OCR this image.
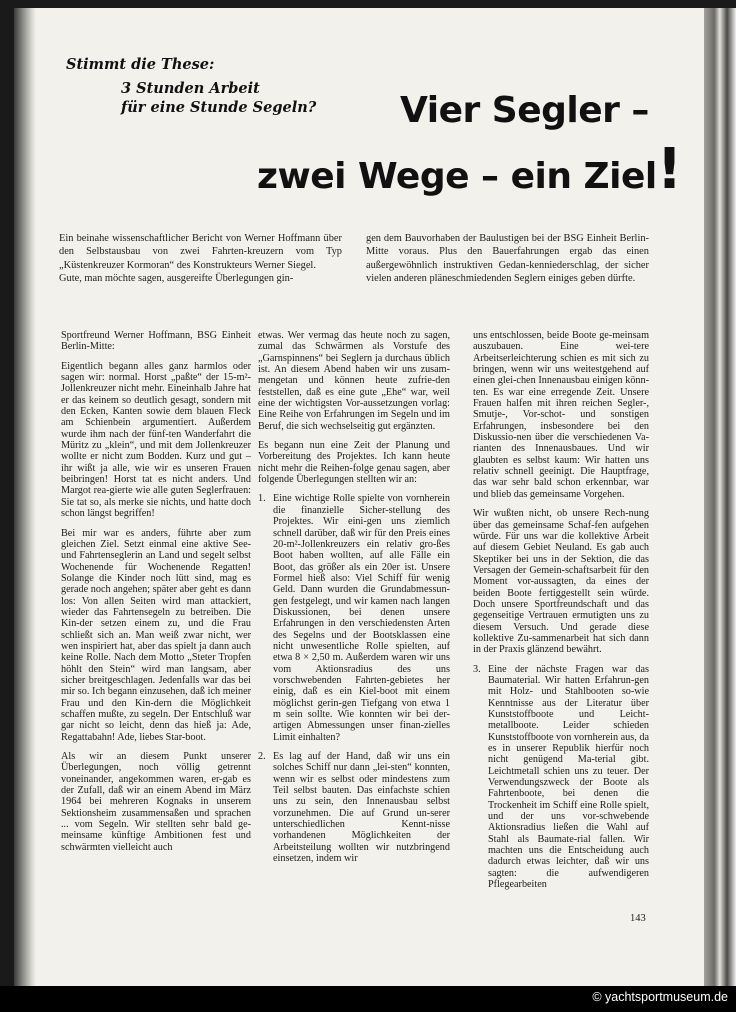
Stimmt die These:
3 Stunden Arbeit
für eine Stunde Segeln? Vier Segler –
zwei Wege – ein Ziel!
Ein beinahe wissenschaftlicher Bericht von Werner Hoffmann über den Selbstausbau von zwei Fahrten-kreuzern vom Typ „Küstenkreuzer Kormoran“ des Konstrukteurs Werner Siegel.
Gute, man möchte sagen, ausgereifte Überlegungen gin-
gen dem Bauvorhaben der Baulustigen bei der BSG Einheit Berlin-Mitte voraus. Plus den Bauerfahrungen ergab das einen außergewöhnlich instruktiven Gedan-kenniederschlag, der sicher vielen anderen pläneschmiedenden Seglern einiges geben dürfte.

Sportfreund Werner Hoffmann, BSG Einheit Berlin-Mitte:

Eigentlich begann alles ganz harmlos oder sagen wir: normal. Horst „paßte“ der 15-m²-Jollenkreuzer nicht mehr. Eineinhalb Jahre hat er das keinem so deutlich gesagt, sondern mit den Ecken, Kanten sowie dem blauen Fleck am Schienbein argumentiert. Außerdem wurde ihm nach der fünf-ten Wanderfahrt die Müritz zu „klein“, und mit dem Jollenkreuzer wollte er nicht zum Bodden. Kurz und gut – ihr wißt ja alle, wie wir es unseren Frauen beibringen! Horst tat es nicht anders. Und Margot rea-gierte wie alle guten Seglerfrauen: Sie tat so, als merke sie nichts, und hatte doch schon längst begriffen!

Bei mir war es anders, führte aber zum gleichen Ziel. Setzt einmal eine aktive See- und Fahrtenseglerin an Land und segelt selbst Wochenende für Wochenende Regatten! Solange die Kinder noch lütt sind, mag es gerade noch angehen; später aber geht es dann los: Von allen Seiten wird man attackiert, wieder das Fahrtensegeln zu betreiben. Die Kin-der setzen einem zu, und die Frau schließt sich an. Man weiß zwar nicht, wer wen inspiriert hat, aber das spielt ja dann auch keine Rolle. Nach dem Motto „Steter Tropfen höhlt den Stein“ wird man langsam, aber sicher breitgeschlagen. Jedenfalls war das bei mir so. Ich begann einzusehen, daß ich meiner Frau und den Kin-dern die Möglichkeit schaffen mußte, zu segeln. Der Entschluß war gar nicht so leicht, denn das hieß ja: Ade, Regattabahn! Ade, liebes Star-boot.

Als wir an diesem Punkt unserer Überlegungen, noch völlig getrennt voneinander, angekommen waren, er-gab es der Zufall, daß wir an einem Abend im März 1964 bei mehreren Kognaks in unserem Sektionsheim zusammensaßen und sprachen ... vom Segeln. Wir stellten sehr bald ge-meinsame künftige Ambitionen fest und schwärmten vielleicht auch

etwas. Wer vermag das heute noch zu sagen, zumal das Schwärmen als Vorstufe des „Garnspinnens“ bei Seglern ja durchaus üblich ist. An diesem Abend haben wir uns zusam-mengetan und können heute zufrie-den feststellen, daß es eine gute „Ehe“ war, weil eine der wichtigsten Vor-aussetzungen vorlag: Eine Reihe von Erfahrungen im Segeln und im Beruf, die sich wechselseitig gut ergänzten.

Es begann nun eine Zeit der Planung und Vorbereitung des Projektes. Ich kann heute nicht mehr die Reihen-folge genau sagen, aber folgende Überlegungen stellten wir an:

1. Eine wichtige Rolle spielte von vornherein die finanzielle Sicher-stellung des Projektes. Wir eini-gen uns ziemlich schnell darüber, daß wir für den Preis eines 20-m²-Jollenkreuzers ein relativ gro-ßes Boot haben wollten, auf alle Fälle ein Boot, das größer als ein 20er ist. Unsere Formel hieß also: Viel Schiff für wenig Geld. Dann wurden die Grundabmessun-gen festgelegt, und wir kamen nach langen Diskussionen, bei denen unsere Erfahrungen in den verschiedensten Arten des Segelns und der Bootsklassen eine nicht unwesentliche Rolle spielten, auf etwa 8 × 2,50 m. Außerdem waren wir uns vom Aktionsradius des uns vorschwebenden Fahrten-gebietes her einig, daß es ein Kiel-boot mit einem möglichst gerin-gen Tiefgang von etwa 1 m sein sollte. Wie konnten wir bei der-artigen Abmessungen unser finan-zielles Limit einhalten?
2. Es lag auf der Hand, daß wir uns ein solches Schiff nur dann „lei-sten“ konnten, wenn wir es selbst oder mindestens zum Teil selbst bauten. Das einfachste schien uns zu sein, den Innenausbau selbst vorzunehmen. Die auf Grund un-serer unterschiedlichen Kennt-nisse vorhandenen Möglichkeiten der Arbeitsteilung wollten wir nutzbringend einsetzen, indem wir

uns entschlossen, beide Boote ge-meinsam auszubauen. Eine wei-tere Arbeitserleichterung schien es mit sich zu bringen, wenn wir uns weitestgehend auf einen glei-chen Innenausbau einigen könn-ten. Es war eine erregende Zeit. Unsere Frauen halfen mit ihren reichen Segler-, Smutje-, Vor-schot- und sonstigen Erfahrungen, insbesondere bei den Diskussio-nen über die verschiedenen Va-rianten des Innenausbaues. Und wir glaubten es selbst kaum: Wir hatten uns relativ schnell geeinigt. Die Hauptfrage, das war sehr bald schon erkennbar, war und blieb das gemeinsame Vorgehen.

Wir wußten nicht, ob unsere Rech-nung über das gemeinsame Schaf-fen aufgehen würde. Für uns war die kollektive Arbeit auf diesem Gebiet Neuland. Es gab auch Skeptiker bei uns in der Sektion, die das Versagen der Gemein-schaftsarbeit für den Moment vor-aussagten, da eines der beiden Boote fertiggestellt sein würde. Doch unsere Sportfreundschaft und das gegenseitige Vertrauen ermutigten uns zu diesem Versuch. Und gerade diese kollektive Zu-sammenarbeit hat sich dann in der Praxis glänzend bewährt.

3. Eine der nächste Fragen war das Baumaterial. Wir hatten Erfahrun-gen mit Holz- und Stahlbooten so-wie Kenntnisse aus der Literatur über Kunststoffboote und Leicht-metallboote. Leider schieden Kunststoffboote von vornherein aus, da es in unserer Republik hierfür noch nicht genügend Ma-terial gibt. Leichtmetall schien uns zu teuer. Der Verwendungszweck der Boote als Fahrtenboote, bei denen die Trockenheit im Schiff eine Rolle spielt, und der uns vor-schwebende Aktionsradius ließen die Wahl auf Stahl als Baumate-rial fallen. Wir machten uns die Entscheidung auch dadurch etwas leichter, daß wir uns sagten: die aufwendigeren Pflegearbeiten
143
© yachtsportmuseum.de
